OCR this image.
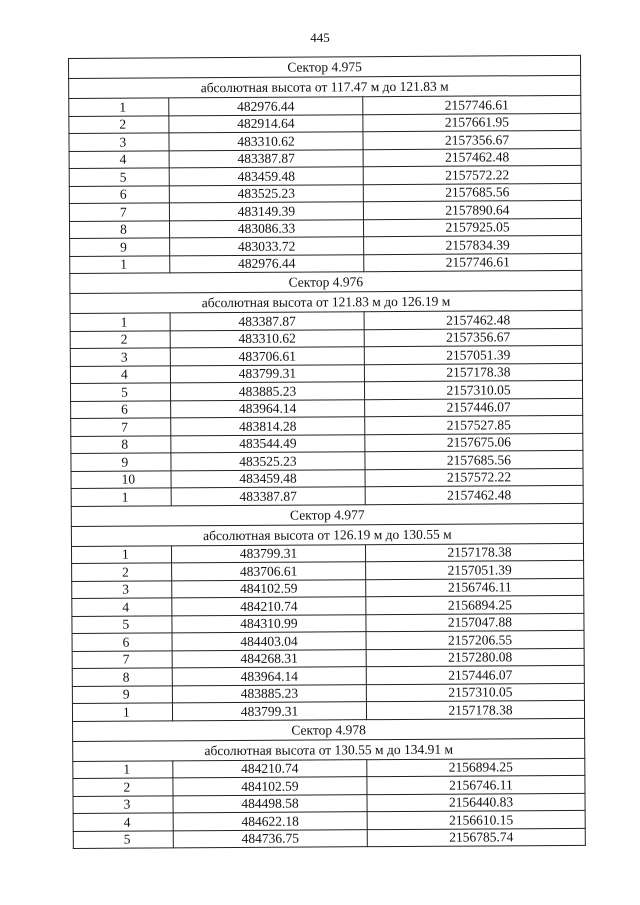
445
Сектор 4.975		
абсолютная высота от 117.47 м до 121.83 м		
1	482976.44	2157746.61
2	482914.64	2157661.95
3	483310.62	2157356.67
4	483387.87	2157462.48
5	483459.48	2157572.22
6	483525.23	2157685.56
7	483149.39	2157890.64
8	483086.33	2157925.05
9	483033.72	2157834.39
1	482976.44	2157746.61
Сектор 4.976		
абсолютная высота от 121.83 м до 126.19 м		
1	483387.87	2157462.48
2	483310.62	2157356.67
3	483706.61	2157051.39
4	483799.31	2157178.38
5	483885.23	2157310.05
6	483964.14	2157446.07
7	483814.28	2157527.85
8	483544.49	2157675.06
9	483525.23	2157685.56
10	483459.48	2157572.22
1	483387.87	2157462.48
Сектор 4.977		
абсолютная высота от 126.19 м до 130.55 м		
1	483799.31	2157178.38
2	483706.61	2157051.39
3	484102.59	2156746.11
4	484210.74	2156894.25
5	484310.99	2157047.88
6	484403.04	2157206.55
7	484268.31	2157280.08
8	483964.14	2157446.07
9	483885.23	2157310.05
1	483799.31	2157178.38
Сектор 4.978		
абсолютная высота от 130.55 м до 134.91 м		
1	484210.74	2156894.25
2	484102.59	2156746.11
3	484498.58	2156440.83
4	484622.18	2156610.15
5	484736.75	2156785.74
